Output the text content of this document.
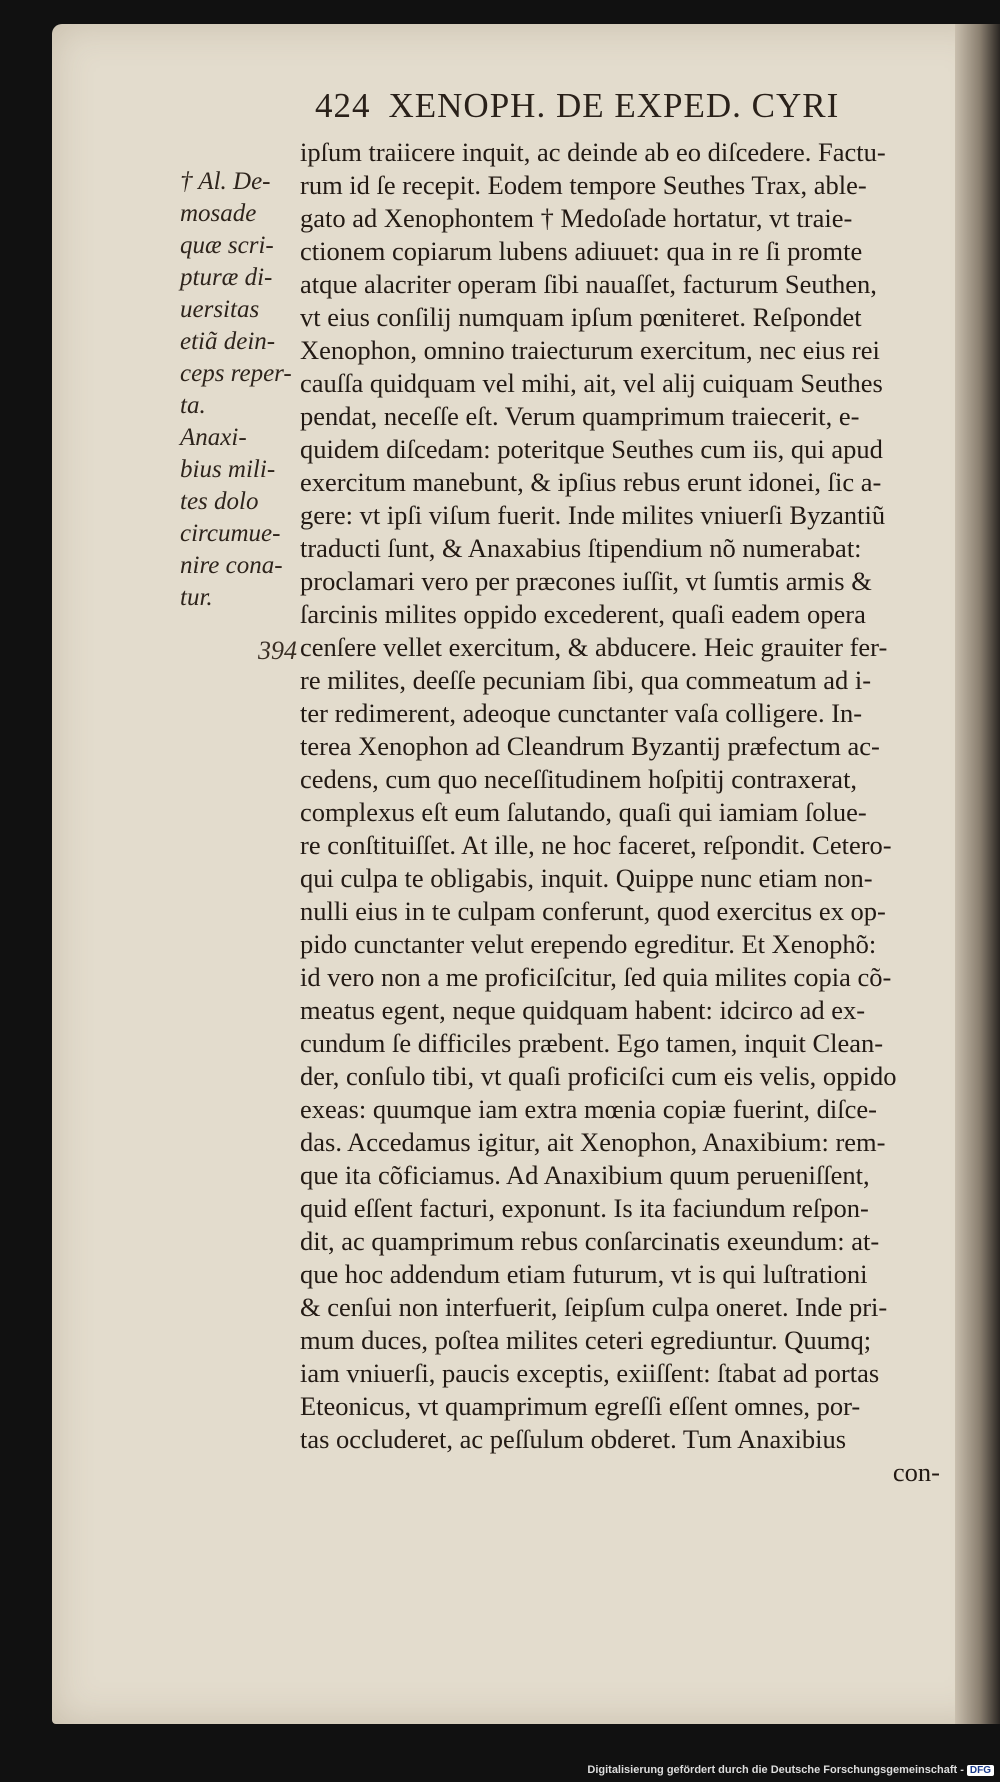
424 XENOPH. DE EXPED. CYRI
† Al. De-
mosade
quæ scri-
pturæ di-
uersitas
etiã dein-
ceps reper-
ta.
Anaxi-
bius mili-
tes dolo
circumue-
nire cona-
tur.
394
ipſum traiicere inquit, ac deinde ab eo diſcedere. Factu-
rum id ſe recepit. Eodem tempore Seuthes Trax, able-
gato ad Xenophontem † Medoſade hortatur, vt traie-
ctionem copiarum lubens adiuuet: qua in re ſi promte
atque alacriter operam ſibi nauaſſet, facturum Seuthen,
vt eius conſilij numquam ipſum pœniteret. Reſpondet
Xenophon, omnino traiecturum exercitum, nec eius rei
cauſſa quidquam vel mihi, ait, vel alij cuiquam Seuthes
pendat, neceſſe eſt. Verum quamprimum traiecerit, e-
quidem diſcedam: poteritque Seuthes cum iis, qui apud
exercitum manebunt, & ipſius rebus erunt idonei, ſic a-
gere: vt ipſi viſum fuerit. Inde milites vniuerſi Byzantiũ
traducti ſunt, & Anaxabius ſtipendium nõ numerabat:
proclamari vero per præcones iuſſit, vt ſumtis armis &
ſarcinis milites oppido excederent, quaſi eadem opera
cenſere vellet exercitum, & abducere. Heic grauiter fer-
re milites, deeſſe pecuniam ſibi, qua commeatum ad i-
ter redimerent, adeoque cunctanter vaſa colligere. In-
terea Xenophon ad Cleandrum Byzantij præfectum ac-
cedens, cum quo neceſſitudinem hoſpitij contraxerat,
complexus eſt eum ſalutando, quaſi qui iamiam ſolue-
re conſtituiſſet. At ille, ne hoc faceret, reſpondit. Cetero-
qui culpa te obligabis, inquit. Quippe nunc etiam non-
nulli eius in te culpam conferunt, quod exercitus ex op-
pido cunctanter velut erependo egreditur. Et Xenophõ:
id vero non a me proficiſcitur, ſed quia milites copia cõ-
meatus egent, neque quidquam habent: idcirco ad ex-
cundum ſe difficiles præbent. Ego tamen, inquit Clean-
der, conſulo tibi, vt quaſi proficiſci cum eis velis, oppido
exeas: quumque iam extra mœnia copiæ fuerint, diſce-
das. Accedamus igitur, ait Xenophon, Anaxibium: rem-
que ita cõficiamus. Ad Anaxibium quum perueniſſent,
quid eſſent facturi, exponunt. Is ita faciundum reſpon-
dit, ac quamprimum rebus conſarcinatis exeundum: at-
que hoc addendum etiam futurum, vt is qui luſtrationi
& cenſui non interfuerit, ſeipſum culpa oneret. Inde pri-
mum duces, poſtea milites ceteri egrediuntur. Quumq;
iam vniuerſi, paucis exceptis, exiiſſent: ſtabat ad portas
Eteonicus, vt quamprimum egreſſi eſſent omnes, por-
tas occluderet, ac peſſulum obderet. Tum Anaxibius
con-
Digitalisierung gefördert durch die Deutsche Forschungsgemeinschaft - DFG
